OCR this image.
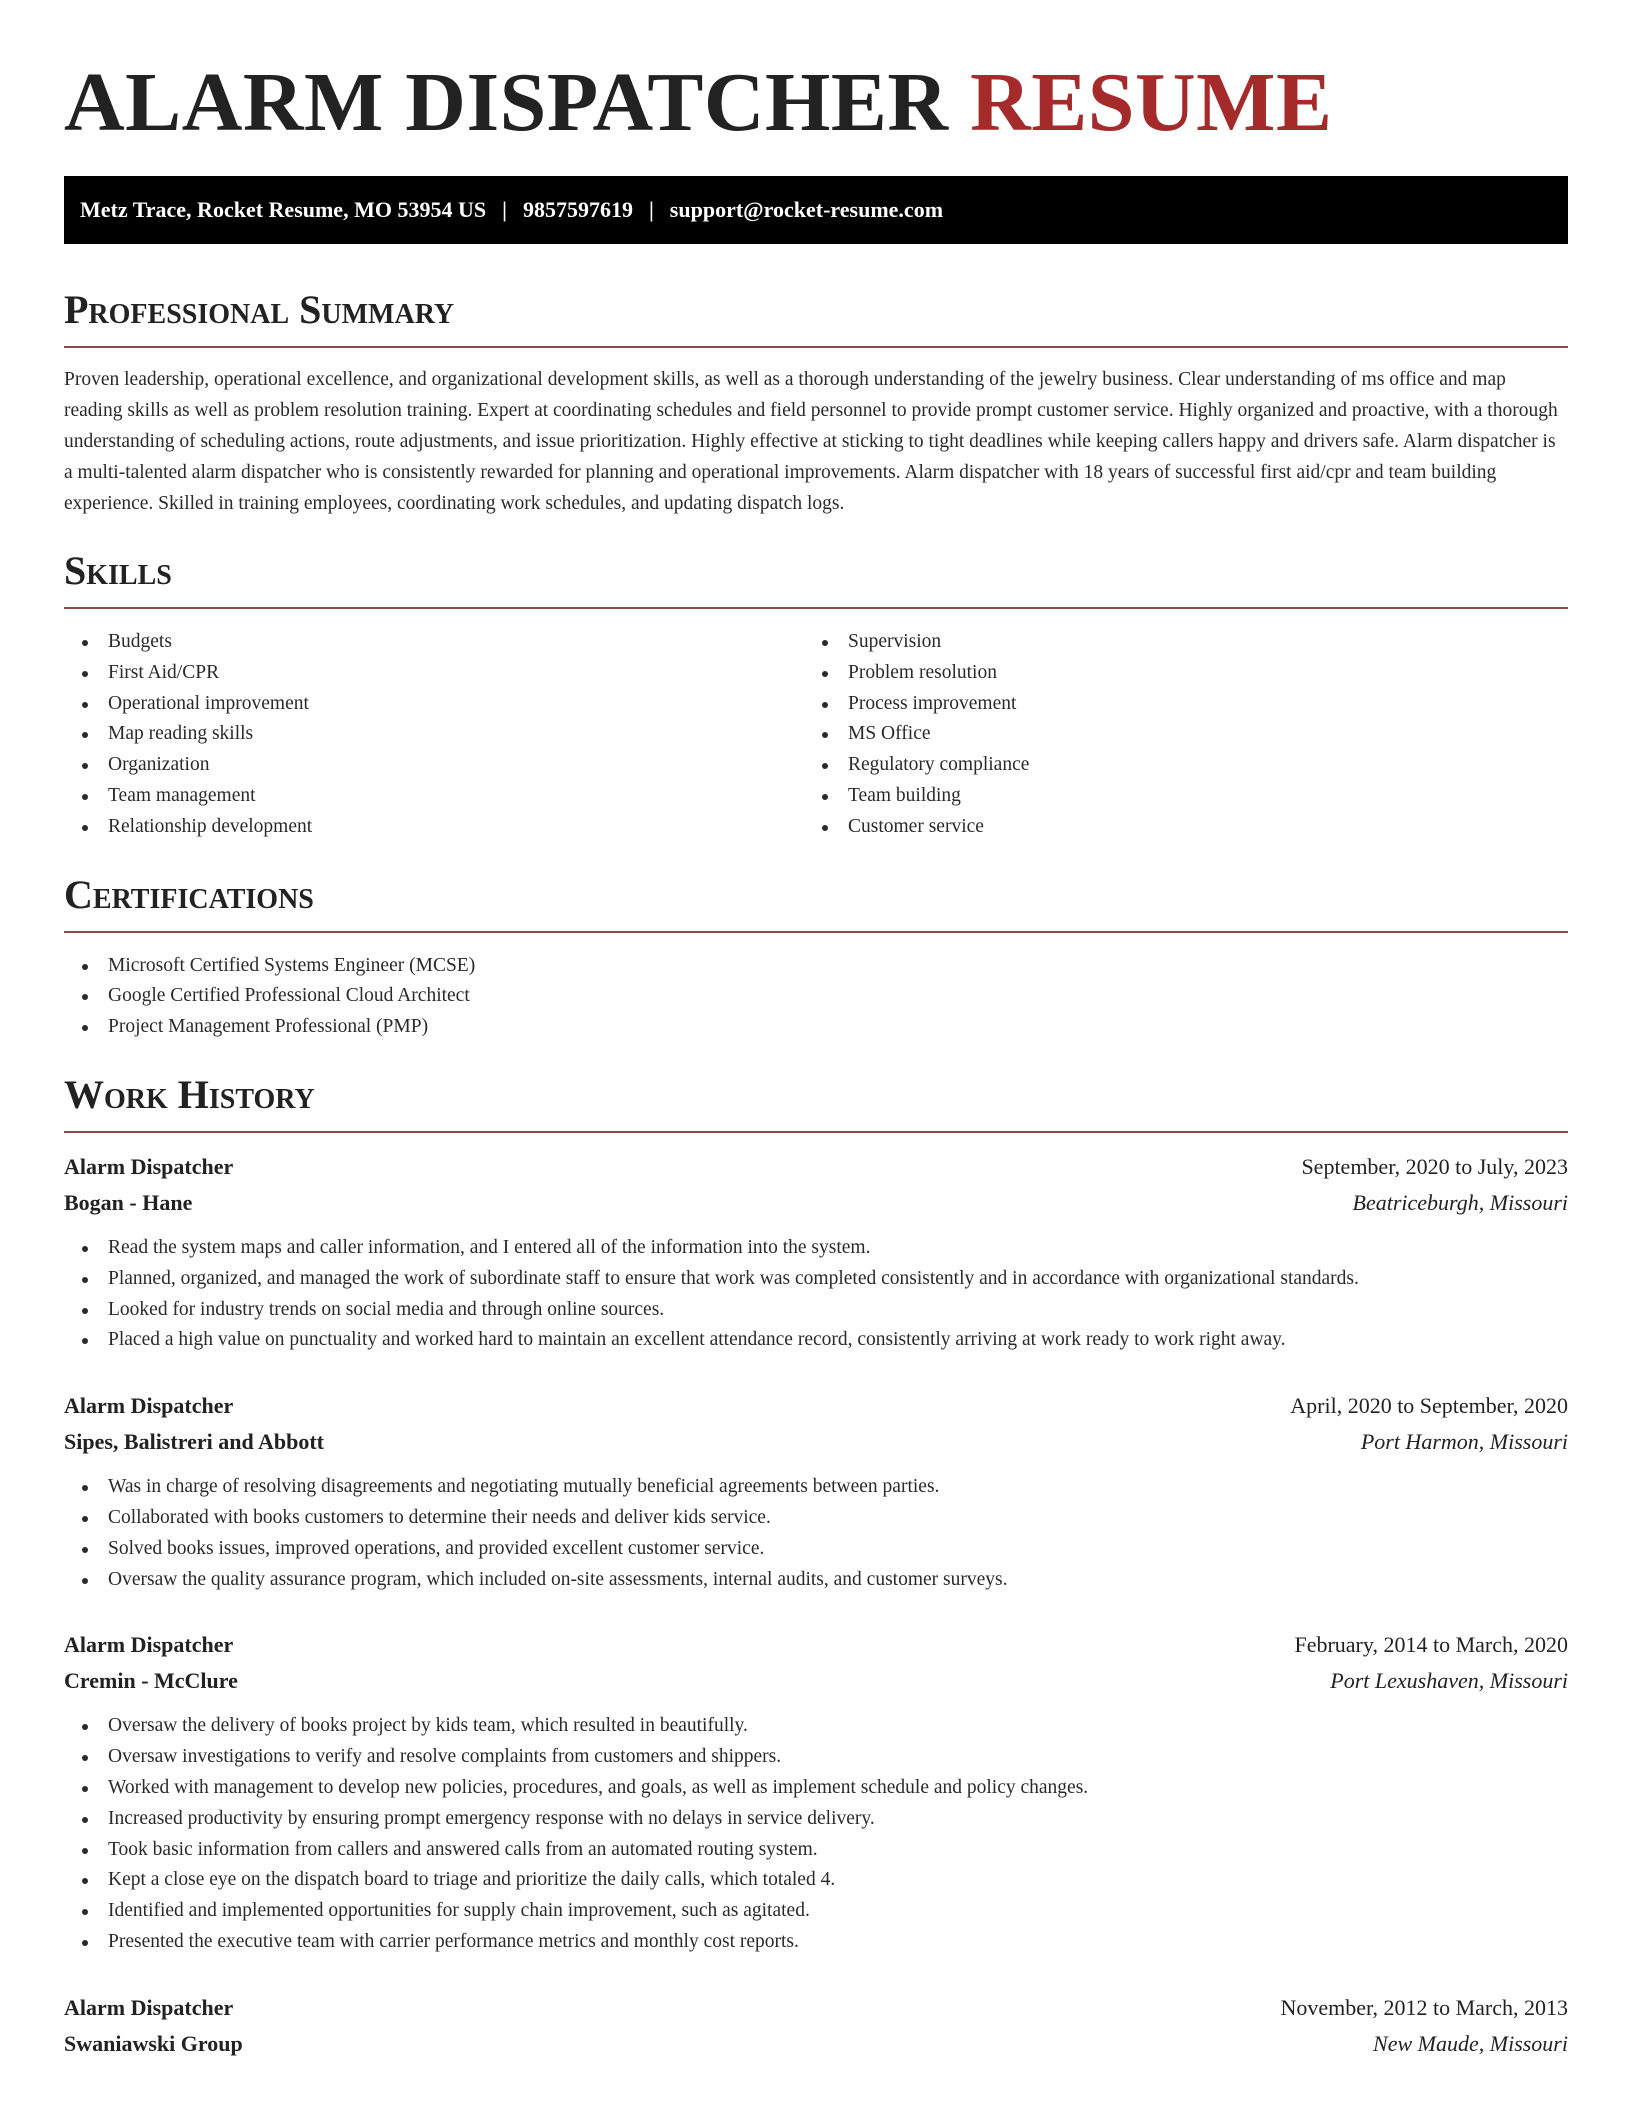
ALARM DISPATCHER RESUME
Metz Trace, Rocket Resume, MO 53954 US | 9857597619 | support@rocket-resume.com
Professional Summary

Proven leadership, operational excellence, and organizational development skills, as well as a thorough understanding of the jewelry business. Clear understanding of ms office and map reading skills as well as problem resolution training. Expert at coordinating schedules and field personnel to provide prompt customer service. Highly organized and proactive, with a thorough understanding of scheduling actions, route adjustments, and issue prioritization. Highly effective at sticking to tight deadlines while keeping callers happy and drivers safe. Alarm dispatcher is a multi-talented alarm dispatcher who is consistently rewarded for planning and operational improvements. Alarm dispatcher with 18 years of successful first aid/cpr and team building experience. Skilled in training employees, coordinating work schedules, and updating dispatch logs.

Skills
Budgets
First Aid/CPR
Operational improvement
Map reading skills
Organization
Team management
Relationship development
Supervision
Problem resolution
Process improvement
MS Office
Regulatory compliance
Team building
Customer service
Certifications
Microsoft Certified Systems Engineer (MCSE)
Google Certified Professional Cloud Architect
Project Management Professional (PMP)
Work History
Alarm Dispatcher	September, 2020 to July, 2023
Bogan - Hane	Beatriceburgh, Missouri
Read the system maps and caller information, and I entered all of the information into the system.
Planned, organized, and managed the work of subordinate staff to ensure that work was completed consistently and in accordance with organizational standards.
Looked for industry trends on social media and through online sources.
Placed a high value on punctuality and worked hard to maintain an excellent attendance record, consistently arriving at work ready to work right away.
Alarm Dispatcher	April, 2020 to September, 2020
Sipes, Balistreri and Abbott	Port Harmon, Missouri
Was in charge of resolving disagreements and negotiating mutually beneficial agreements between parties.
Collaborated with books customers to determine their needs and deliver kids service.
Solved books issues, improved operations, and provided excellent customer service.
Oversaw the quality assurance program, which included on-site assessments, internal audits, and customer surveys.
Alarm Dispatcher	February, 2014 to March, 2020
Cremin - McClure	Port Lexushaven, Missouri
Oversaw the delivery of books project by kids team, which resulted in beautifully.
Oversaw investigations to verify and resolve complaints from customers and shippers.
Worked with management to develop new policies, procedures, and goals, as well as implement schedule and policy changes.
Increased productivity by ensuring prompt emergency response with no delays in service delivery.
Took basic information from callers and answered calls from an automated routing system.
Kept a close eye on the dispatch board to triage and prioritize the daily calls, which totaled 4.
Identified and implemented opportunities for supply chain improvement, such as agitated.
Presented the executive team with carrier performance metrics and monthly cost reports.
Alarm Dispatcher	November, 2012 to March, 2013
Swaniawski Group	New Maude, Missouri
